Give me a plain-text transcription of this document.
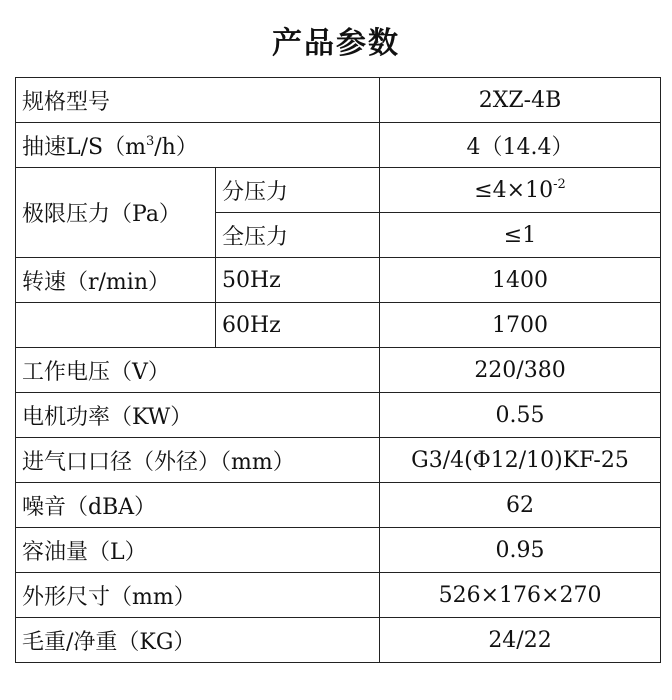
产品参数
规格型号		2XZ-4B
抽速$L/S(m^3/h)$		4（14.4）
极限压力（Pa）	分压力	$\le 4\times 10^{-2}$
	全压力	≤1
转速（r/min）	50Hz	1400
	60Hz	1700
工作电压（V）		220/380
电机功率（KW）		0.55
进气口口径（外径）（mm）		G3/4(Φ12/10)KF-25
噪音（dBA）		62
容油量（L）		0.95
外形尺寸（mm）		526×176×270
毛重/净重（KG）		24/22
